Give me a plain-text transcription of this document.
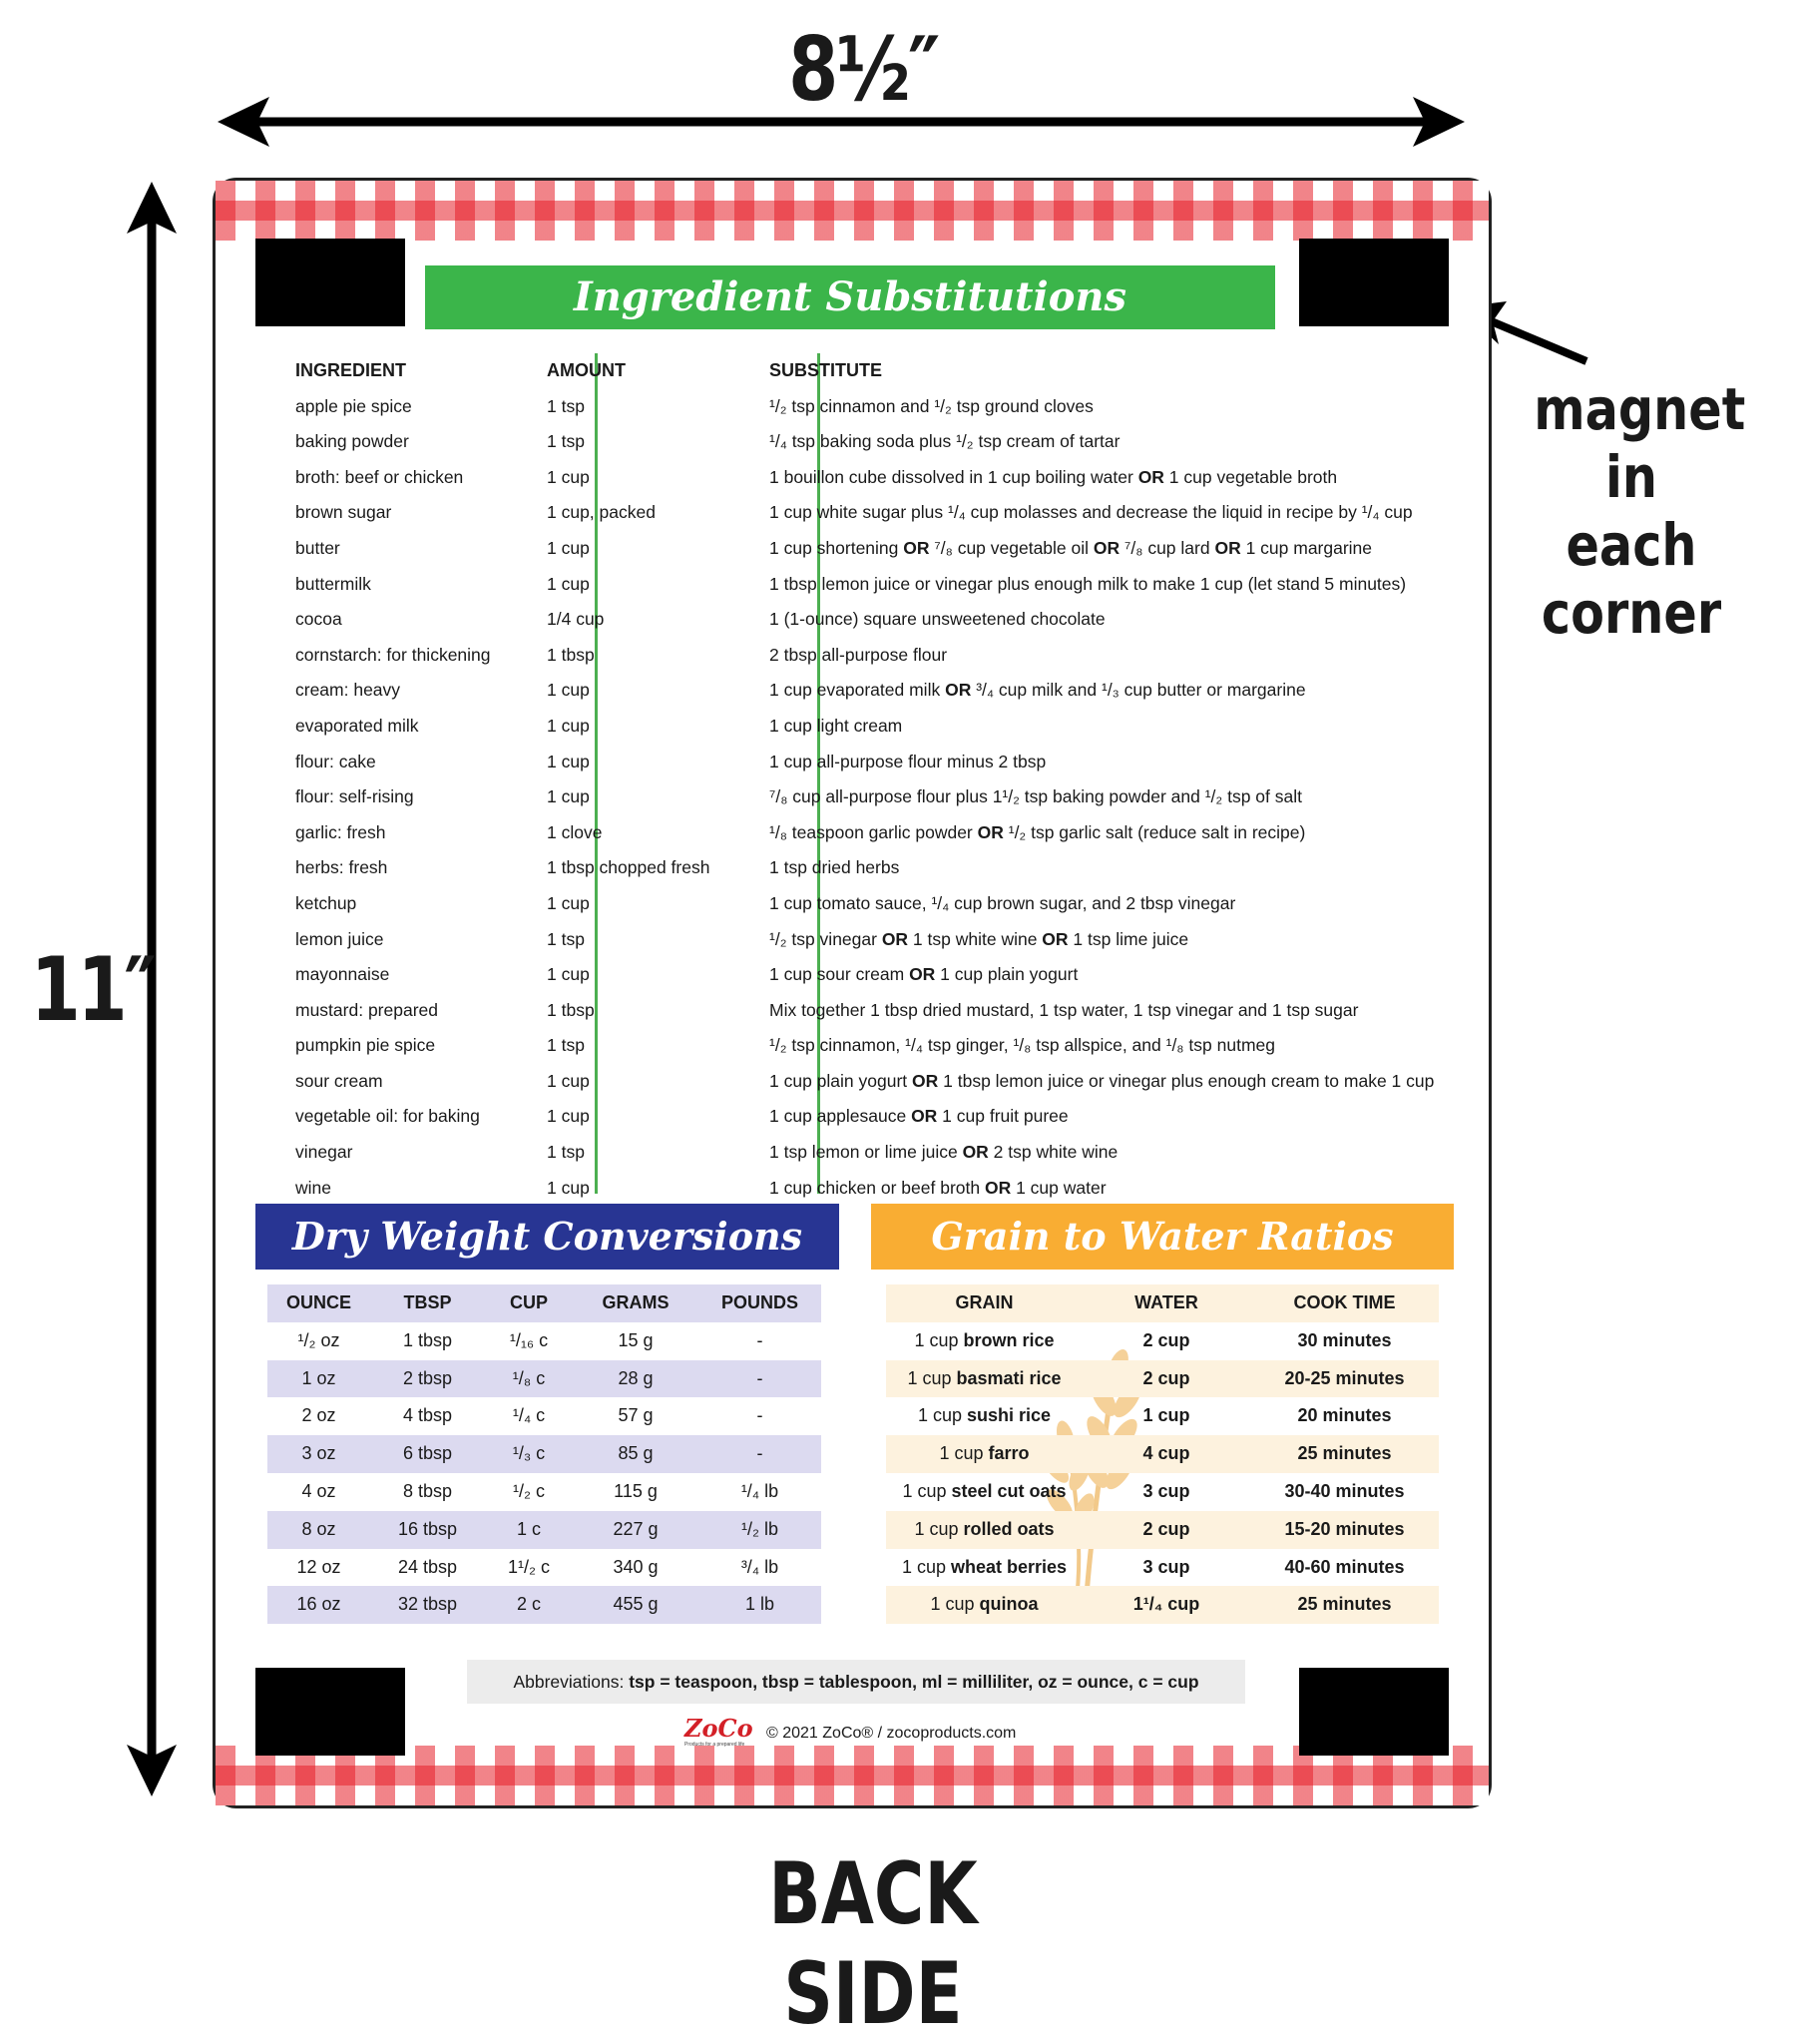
8½″
11″
magnet
in each
corner
Ingredient Substitutions
INGREDIENT	AMOUNT	SUBSTITUTE
apple pie spice	1 tsp	¹/₂ tsp cinnamon and ¹/₂ tsp ground cloves
baking powder	1 tsp	¹/₄ tsp baking soda plus ¹/₂ tsp cream of tartar
broth: beef or chicken	1 cup	1 bouillon cube dissolved in 1 cup boiling water OR 1 cup vegetable broth
brown sugar	1 cup, packed	1 cup white sugar plus ¹/₄ cup molasses and decrease the liquid in recipe by ¹/₄ cup
butter	1 cup	1 cup shortening OR ⁷/₈ cup vegetable oil OR ⁷/₈ cup lard OR 1 cup margarine
buttermilk	1 cup	1 tbsp lemon juice or vinegar plus enough milk to make 1 cup (let stand 5 minutes)
cocoa	1/4 cup	1 (1-ounce) square unsweetened chocolate
cornstarch: for thickening	1 tbsp	2 tbsp all-purpose flour
cream: heavy	1 cup	1 cup evaporated milk OR ³/₄ cup milk and ¹/₃ cup butter or margarine
evaporated milk	1 cup	1 cup light cream
flour: cake	1 cup	1 cup all-purpose flour minus 2 tbsp
flour: self-rising	1 cup	⁷/₈ cup all-purpose flour plus 1¹/₂ tsp baking powder and ¹/₂ tsp of salt
garlic: fresh	1 clove	¹/₈ teaspoon garlic powder OR ¹/₂ tsp garlic salt (reduce salt in recipe)
herbs: fresh	1 tbsp chopped fresh	1 tsp dried herbs
ketchup	1 cup	1 cup tomato sauce, ¹/₄ cup brown sugar, and 2 tbsp vinegar
lemon juice	1 tsp	¹/₂ tsp vinegar OR 1 tsp white wine OR 1 tsp lime juice
mayonnaise	1 cup	1 cup sour cream OR 1 cup plain yogurt
mustard: prepared	1 tbsp	Mix together 1 tbsp dried mustard, 1 tsp water, 1 tsp vinegar and 1 tsp sugar
pumpkin pie spice	1 tsp	¹/₂ tsp cinnamon, ¹/₄ tsp ginger, ¹/₈ tsp allspice, and ¹/₈ tsp nutmeg
sour cream	1 cup	1 cup plain yogurt OR 1 tbsp lemon juice or vinegar plus enough cream to make 1 cup
vegetable oil: for baking	1 cup	1 cup applesauce OR 1 cup fruit puree
vinegar	1 tsp	1 tsp lemon or lime juice OR 2 tsp white wine
wine	1 cup	1 cup chicken or beef broth OR 1 cup water
Dry Weight Conversions
OUNCE	TBSP	CUP	GRAMS	POUNDS
¹/₂ oz	1 tbsp	¹/₁₆ c	15 g	-
1 oz	2 tbsp	¹/₈ c	28 g	-
2 oz	4 tbsp	¹/₄ c	57 g	-
3 oz	6 tbsp	¹/₃ c	85 g	-
4 oz	8 tbsp	¹/₂ c	115 g	¹/₄ lb
8 oz	16 tbsp	1 c	227 g	¹/₂ lb
12 oz	24 tbsp	1¹/₂ c	340 g	³/₄ lb
16 oz	32 tbsp	2 c	455 g	1 lb
Grain to Water Ratios
GRAIN	WATER	COOK TIME
1 cup brown rice	2 cup	30 minutes
1 cup basmati rice	2 cup	20-25 minutes
1 cup sushi rice	1 cup	20 minutes
1 cup farro	4 cup	25 minutes
1 cup steel cut oats	3 cup	30-40 minutes
1 cup rolled oats	2 cup	15-20 minutes
1 cup wheat berries	3 cup	40-60 minutes
1 cup quinoa	1¹/₄ cup	25 minutes
Abbreviations: tsp = teaspoon, tbsp = tablespoon, ml = milliliter, oz = ounce, c = cup
ZoCo
Products for a prepared life
© 2021 ZoCo® / zocoproducts.com
BACK SIDE
